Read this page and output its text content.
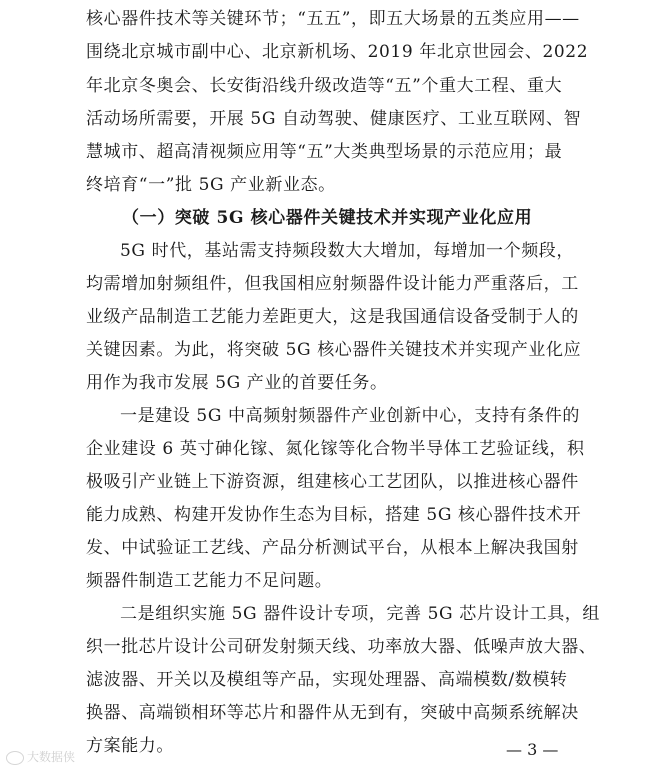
核心器件技术等关键环节；“五五”，即五大场景的五类应用——
围绕北京城市副中心、北京新机场、2019 年北京世园会、2022
年北京冬奥会、长安街沿线升级改造等“五”个重大工程、重大
活动场所需要，开展 5G 自动驾驶、健康医疗、工业互联网、智
慧城市、超高清视频应用等“五”大类典型场景的示范应用；最
终培育“一”批 5G 产业新业态。
（一）突破 5G 核心器件关键技术并实现产业化应用
5G 时代，基站需支持频段数大大增加，每增加一个频段，
均需增加射频组件，但我国相应射频器件设计能力严重落后，工
业级产品制造工艺能力差距更大，这是我国通信设备受制于人的
关键因素。为此，将突破 5G 核心器件关键技术并实现产业化应
用作为我市发展 5G 产业的首要任务。
一是建设 5G 中高频射频器件产业创新中心，支持有条件的
企业建设 6 英寸砷化镓、氮化镓等化合物半导体工艺验证线，积
极吸引产业链上下游资源，组建核心工艺团队，以推进核心器件
能力成熟、构建开发协作生态为目标，搭建 5G 核心器件技术开
发、中试验证工艺线、产品分析测试平台，从根本上解决我国射
频器件制造工艺能力不足问题。
二是组织实施 5G 器件设计专项，完善 5G 芯片设计工具，组
织一批芯片设计公司研发射频天线、功率放大器、低噪声放大器、
滤波器、开关以及模组等产品，实现处理器、高端模数/数模转
换器、高端锁相环等芯片和器件从无到有，突破中高频系统解决
方案能力。	— 3 —
大数据侠
